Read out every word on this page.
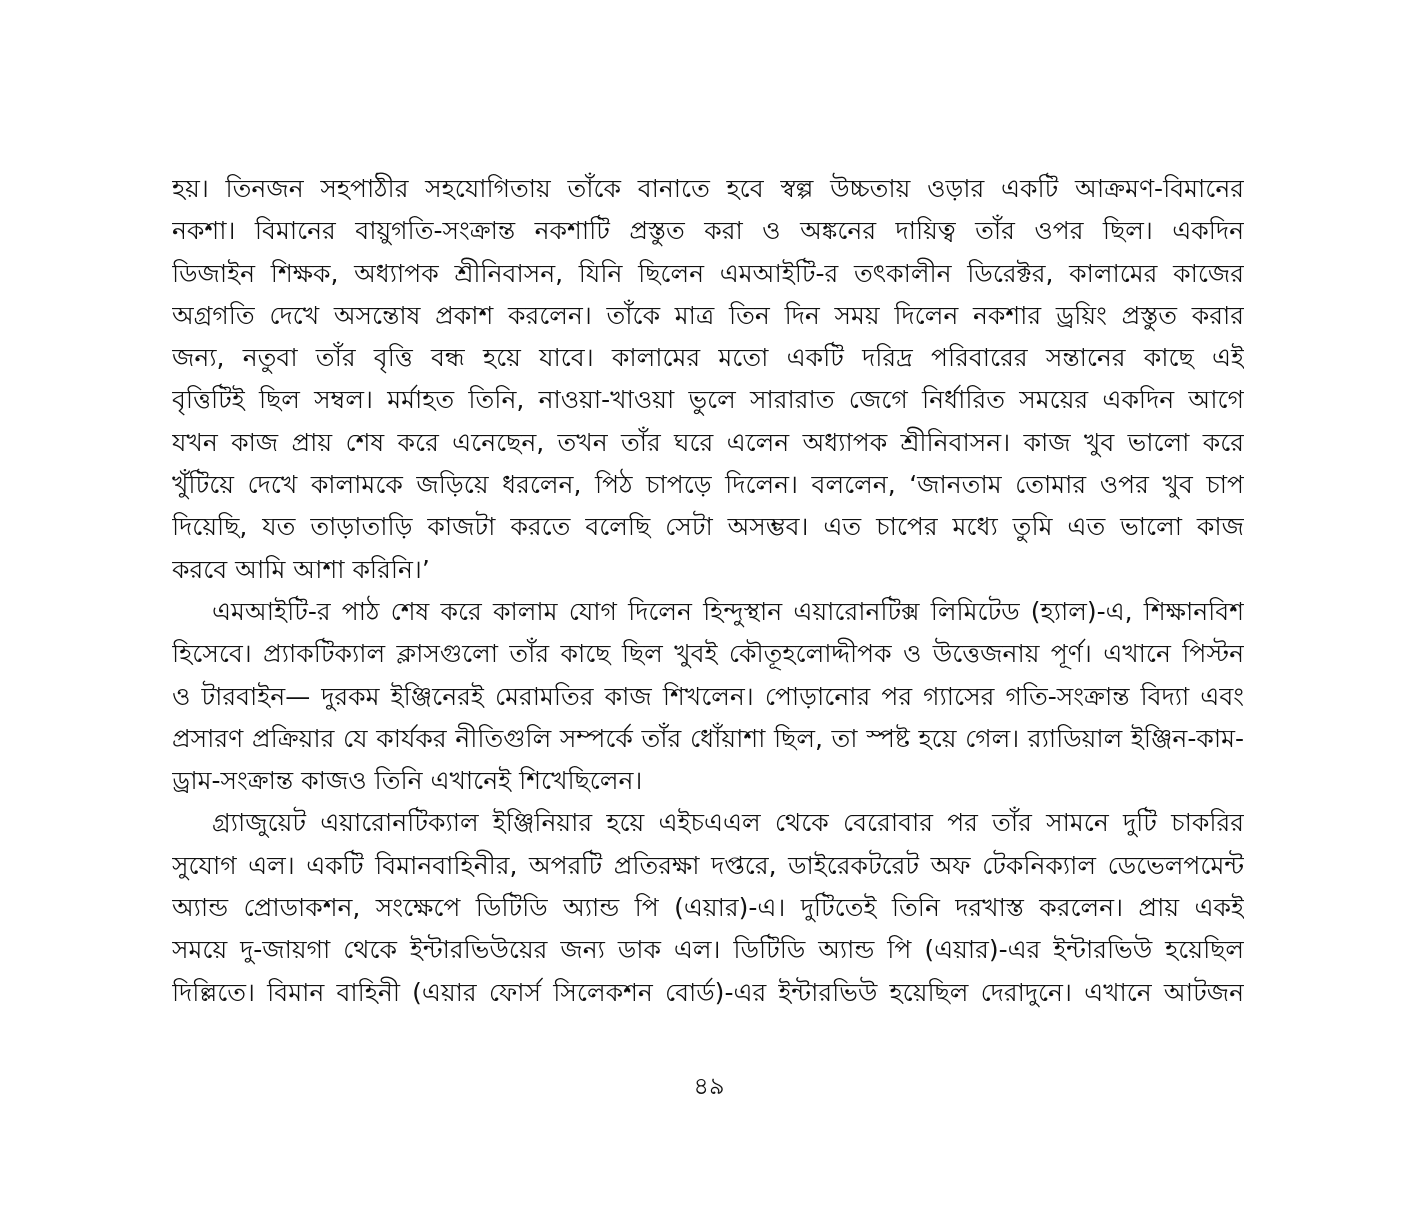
হয়। তিনজন সহপাঠীর সহযোগিতায় তাঁকে বানাতে হবে স্বল্প উচ্চতায় ওড়ার একটি আক্রমণ-বিমানের
নকশা। বিমানের বায়ুগতি-সংক্রান্ত নকশাটি প্রস্তুত করা ও অঙ্কনের দায়িত্ব তাঁর ওপর ছিল। একদিন
ডিজাইন শিক্ষক, অধ্যাপক শ্রীনিবাসন, যিনি ছিলেন এমআইটি-র তৎকালীন ডিরেক্টর, কালামের কাজের
অগ্রগতি দেখে অসন্তোষ প্রকাশ করলেন। তাঁকে মাত্র তিন দিন সময় দিলেন নকশার ড্রয়িং প্রস্তুত করার
জন্য, নতুবা তাঁর বৃত্তি বন্ধ হয়ে যাবে। কালামের মতো একটি দরিদ্র পরিবারের সন্তানের কাছে এই
বৃত্তিটিই ছিল সম্বল। মর্মাহত তিনি, নাওয়া-খাওয়া ভুলে সারারাত জেগে নির্ধারিত সময়ের একদিন আগে
যখন কাজ প্রায় শেষ করে এনেছেন, তখন তাঁর ঘরে এলেন অধ্যাপক শ্রীনিবাসন। কাজ খুব ভালো করে
খুঁটিয়ে দেখে কালামকে জড়িয়ে ধরলেন, পিঠ চাপড়ে দিলেন। বললেন, ‘জানতাম তোমার ওপর খুব চাপ
দিয়েছি, যত তাড়াতাড়ি কাজটা করতে বলেছি সেটা অসম্ভব। এত চাপের মধ্যে তুমি এত ভালো কাজ
করবে আমি আশা করিনি।’
এমআইটি-র পাঠ শেষ করে কালাম যোগ দিলেন হিন্দুস্থান এয়ারোনটিক্স লিমিটেড (হ্যাল)-এ, শিক্ষানবিশ
হিসেবে। প্র্যাকটিক্যাল ক্লাসগুলো তাঁর কাছে ছিল খুবই কৌতূহলোদ্দীপক ও উত্তেজনায় পূর্ণ। এখানে পিস্টন
ও টারবাইন— দুরকম ইঞ্জিনেরই মেরামতির কাজ শিখলেন। পোড়ানোর পর গ্যাসের গতি-সংক্রান্ত বিদ্যা এবং
প্রসারণ প্রক্রিয়ার যে কার্যকর নীতিগুলি সম্পর্কে তাঁর ধোঁয়াশা ছিল, তা স্পষ্ট হয়ে গেল। র‍্যাডিয়াল ইঞ্জিন-কাম-
ড্রাম-সংক্রান্ত কাজও তিনি এখানেই শিখেছিলেন।
গ্র্যাজুয়েট এয়ারোনটিক্যাল ইঞ্জিনিয়ার হয়ে এইচএএল থেকে বেরোবার পর তাঁর সামনে দুটি চাকরির
সুযোগ এল। একটি বিমানবাহিনীর, অপরটি প্রতিরক্ষা দপ্তরে, ডাইরেকটরেট অফ টেকনিক্যাল ডেভেলপমেন্ট
অ্যান্ড প্রোডাকশন, সংক্ষেপে ডিটিডি অ্যান্ড পি (এয়ার)-এ। দুটিতেই তিনি দরখাস্ত করলেন। প্রায় একই
সময়ে দু-জায়গা থেকে ইন্টারভিউয়ের জন্য ডাক এল। ডিটিডি অ্যান্ড পি (এয়ার)-এর ইন্টারভিউ হয়েছিল
দিল্লিতে। বিমান বাহিনী (এয়ার ফোর্স সিলেকশন বোর্ড)-এর ইন্টারভিউ হয়েছিল দেরাদুনে। এখানে আটজন
৪৯
